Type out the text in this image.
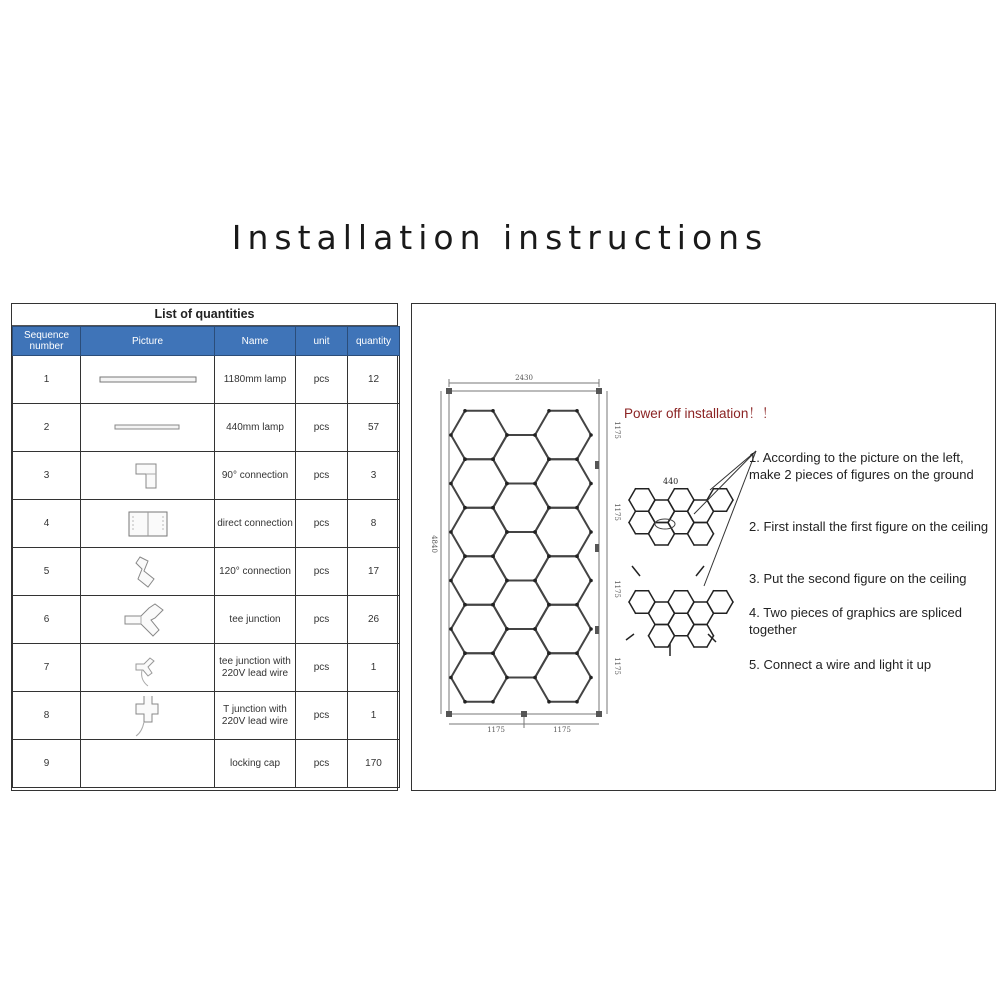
Installation instructions
List of quantities
Sequence number	Picture	Name	unit	quantity
1		1180mm lamp	pcs	12
2		440mm lamp	pcs	57
3		90° connection	pcs	3
4		direct connection	pcs	8
5		120° connection	pcs	17
6		tee junction	pcs	26
7		tee junction with 220V lead wire	pcs	1
8		T junction with 220V lead wire	pcs	1
9		locking cap	pcs	170
2430
4840
1175
1175
1175
1175
1175	1175
440
Power off installation！！
1. According to the picture on the left, make 2 pieces of figures on the ground
2. First install the first figure on the ceiling
3. Put the second figure on the ceiling
4. Two pieces of graphics are spliced together
5. Connect a wire and light it up
